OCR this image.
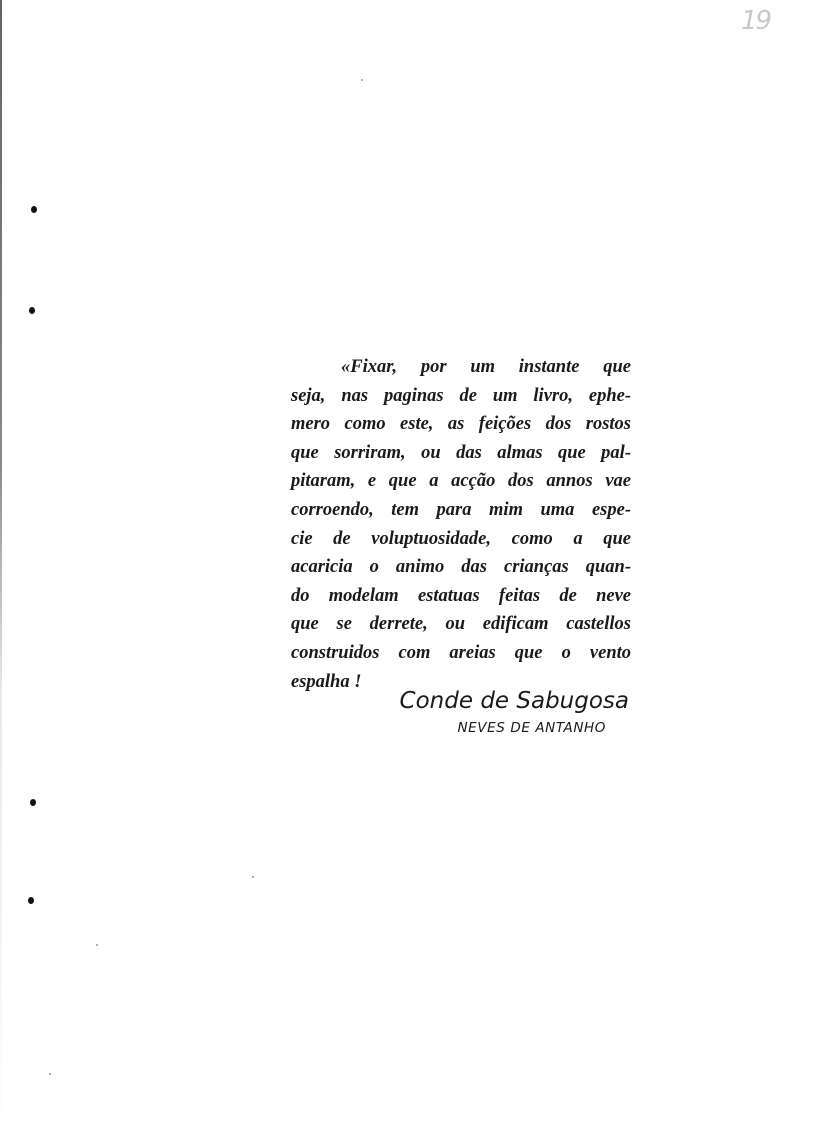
19

«Fixar, por um instante que
seja, nas paginas de um livro, ephe-
mero como este, as feições dos rostos
que sorriram, ou das almas que pal-
pitaram, e que a acção dos annos vae
corroendo, tem para mim uma espe-
cie de voluptuosidade, como a que
acaricia o animo das crianças quan-
do modelam estatuas feitas de neve
que se derrete, ou edificam castellos
construidos com areias que o vento
espalha !

Conde de Sabugosa
NEVES DE ANTANHO
